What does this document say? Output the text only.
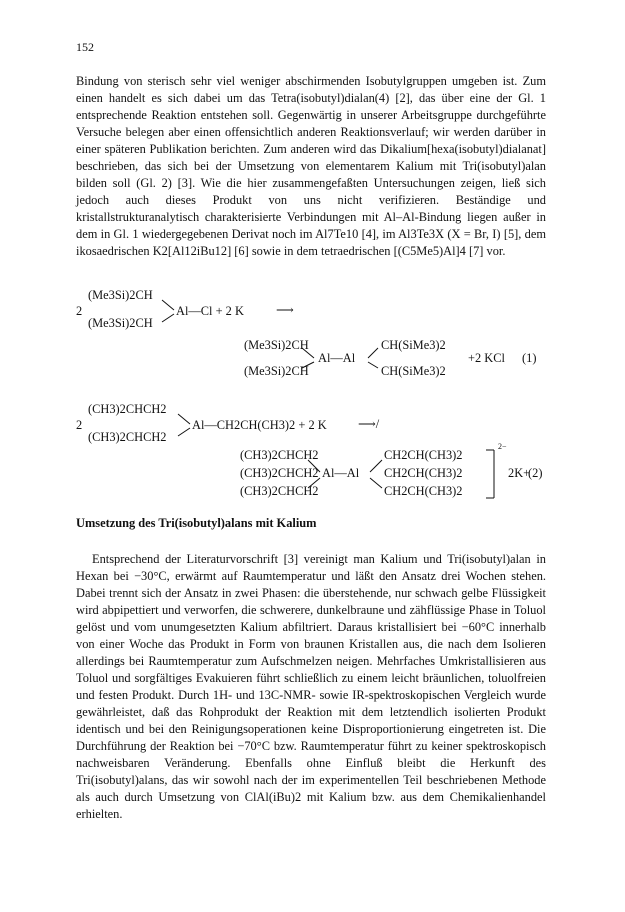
152

Bindung von sterisch sehr viel weniger abschirmenden Isobutylgruppen umgeben ist. Zum einen handelt es sich dabei um das Tetra(isobutyl)dialan(4) [2], das über eine der Gl. 1 entsprechende Reaktion entstehen soll. Gegenwärtig in unserer Arbeitsgruppe durchgeführte Versuche belegen aber einen offensichtlich anderen Reaktionsverlauf; wir werden darüber in einer späteren Publikation berichten. Zum anderen wird das Dikalium[hexa(isobutyl)dialanat] beschrieben, das sich bei der Umsetzung von elementarem Kalium mit Tri(isobutyl)alan bilden soll (Gl. 2) [3]. Wie die hier zusammengefaßten Untersuchungen zeigen, ließ sich jedoch auch dieses Produkt von uns nicht verifizieren. Beständige und kristallstrukturanalytisch charakterisierte Verbindungen mit Al–Al-Bindung liegen außer in dem in Gl. 1 wiedergegebenen Derivat noch im Al7Te10 [4], im Al3Te3X (X = Br, I) [5], dem ikosaedrischen K2[Al12iBu12] [6] sowie in dem tetraedrischen [(C5Me5)Al]4 [7] vor.

(Me3Si)2CH
2	Al—Cl + 2 K	⟶
(Me3Si)2CH
(Me3Si)2CH
Al—Al
(Me3Si)2CH
CH(SiMe3)2
CH(SiMe3)2
+2 KCl (1)
(CH3)2CHCH2
2	Al—CH2CH(CH3)2 + 2 K	⟶/
(CH3)2CHCH2
(CH3)2CHCH2
(CH3)2CHCH2
(CH3)2CHCH2
Al—Al
CH2CH(CH3)2
CH2CH(CH3)2
CH2CH(CH3)2
2−
2K+
(2)
Umsetzung des Tri(isobutyl)alans mit Kalium

Entsprechend der Literaturvorschrift [3] vereinigt man Kalium und Tri(isobutyl)alan in Hexan bei −30°C, erwärmt auf Raumtemperatur und läßt den Ansatz drei Wochen stehen. Dabei trennt sich der Ansatz in zwei Phasen: die überstehende, nur schwach gelbe Flüssigkeit wird abpipettiert und verworfen, die schwerere, dunkelbraune und zähflüssige Phase in Toluol gelöst und vom unumgesetzten Kalium abfiltriert. Daraus kristallisiert bei −60°C innerhalb von einer Woche das Produkt in Form von braunen Kristallen aus, die nach dem Isolieren allerdings bei Raumtemperatur zum Aufschmelzen neigen. Mehrfaches Umkristallisieren aus Toluol und sorgfältiges Evakuieren führt schließlich zu einem leicht bräunlichen, toluolfreien und festen Produkt. Durch 1H- und 13C-NMR- sowie IR-spektroskopischen Vergleich wurde gewährleistet, daß das Rohprodukt der Reaktion mit dem letztendlich isolierten Produkt identisch und bei den Reinigungsoperationen keine Disproportionierung eingetreten ist. Die Durchführung der Reaktion bei −70°C bzw. Raumtemperatur führt zu keiner spektroskopisch nachweisbaren Veränderung. Ebenfalls ohne Einfluß bleibt die Herkunft des Tri(isobutyl)alans, das wir sowohl nach der im experimentellen Teil beschriebenen Methode als auch durch Umsetzung von ClAl(iBu)2 mit Kalium bzw. aus dem Chemikalienhandel erhielten.
